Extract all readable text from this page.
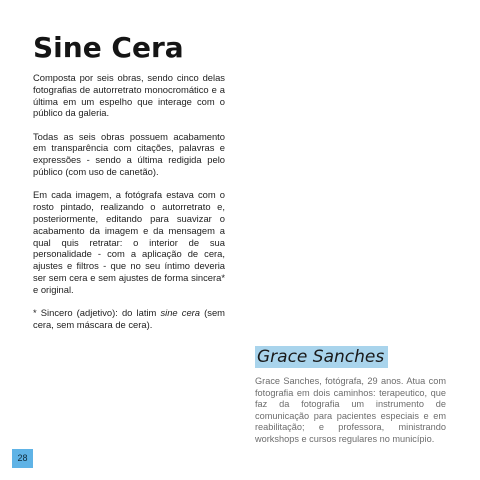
Sine Cera

Composta por seis obras, sendo cinco delas fotografias de autorretrato monocromático e a última em um espelho que interage com o público da galeria.

Todas as seis obras possuem acabamento em transparência com citações, palavras e expressões - sendo a última redigida pelo público (com uso de canetão).

Em cada imagem, a fotógrafa estava com o rosto pintado, realizando o autorretrato e, posteriormente, editando para suavizar o acabamento da imagem e da mensagem a qual quis retratar: o interior de sua personalidade - com a aplicação de cera, ajustes e filtros - que no seu íntimo deveria ser sem cera e sem ajustes de forma sincera* e original.

* Sincero (adjetivo): do latim sine cera (sem cera, sem máscara de cera).

Grace Sanches
Grace Sanches, fotógrafa, 29 anos. Atua com fotografia em dois caminhos: terapeutico, que faz da fotografia um instrumento de comunicação para pacientes especiais e em reabilitação; e professora, ministrando workshops e cursos regulares no município.
28
